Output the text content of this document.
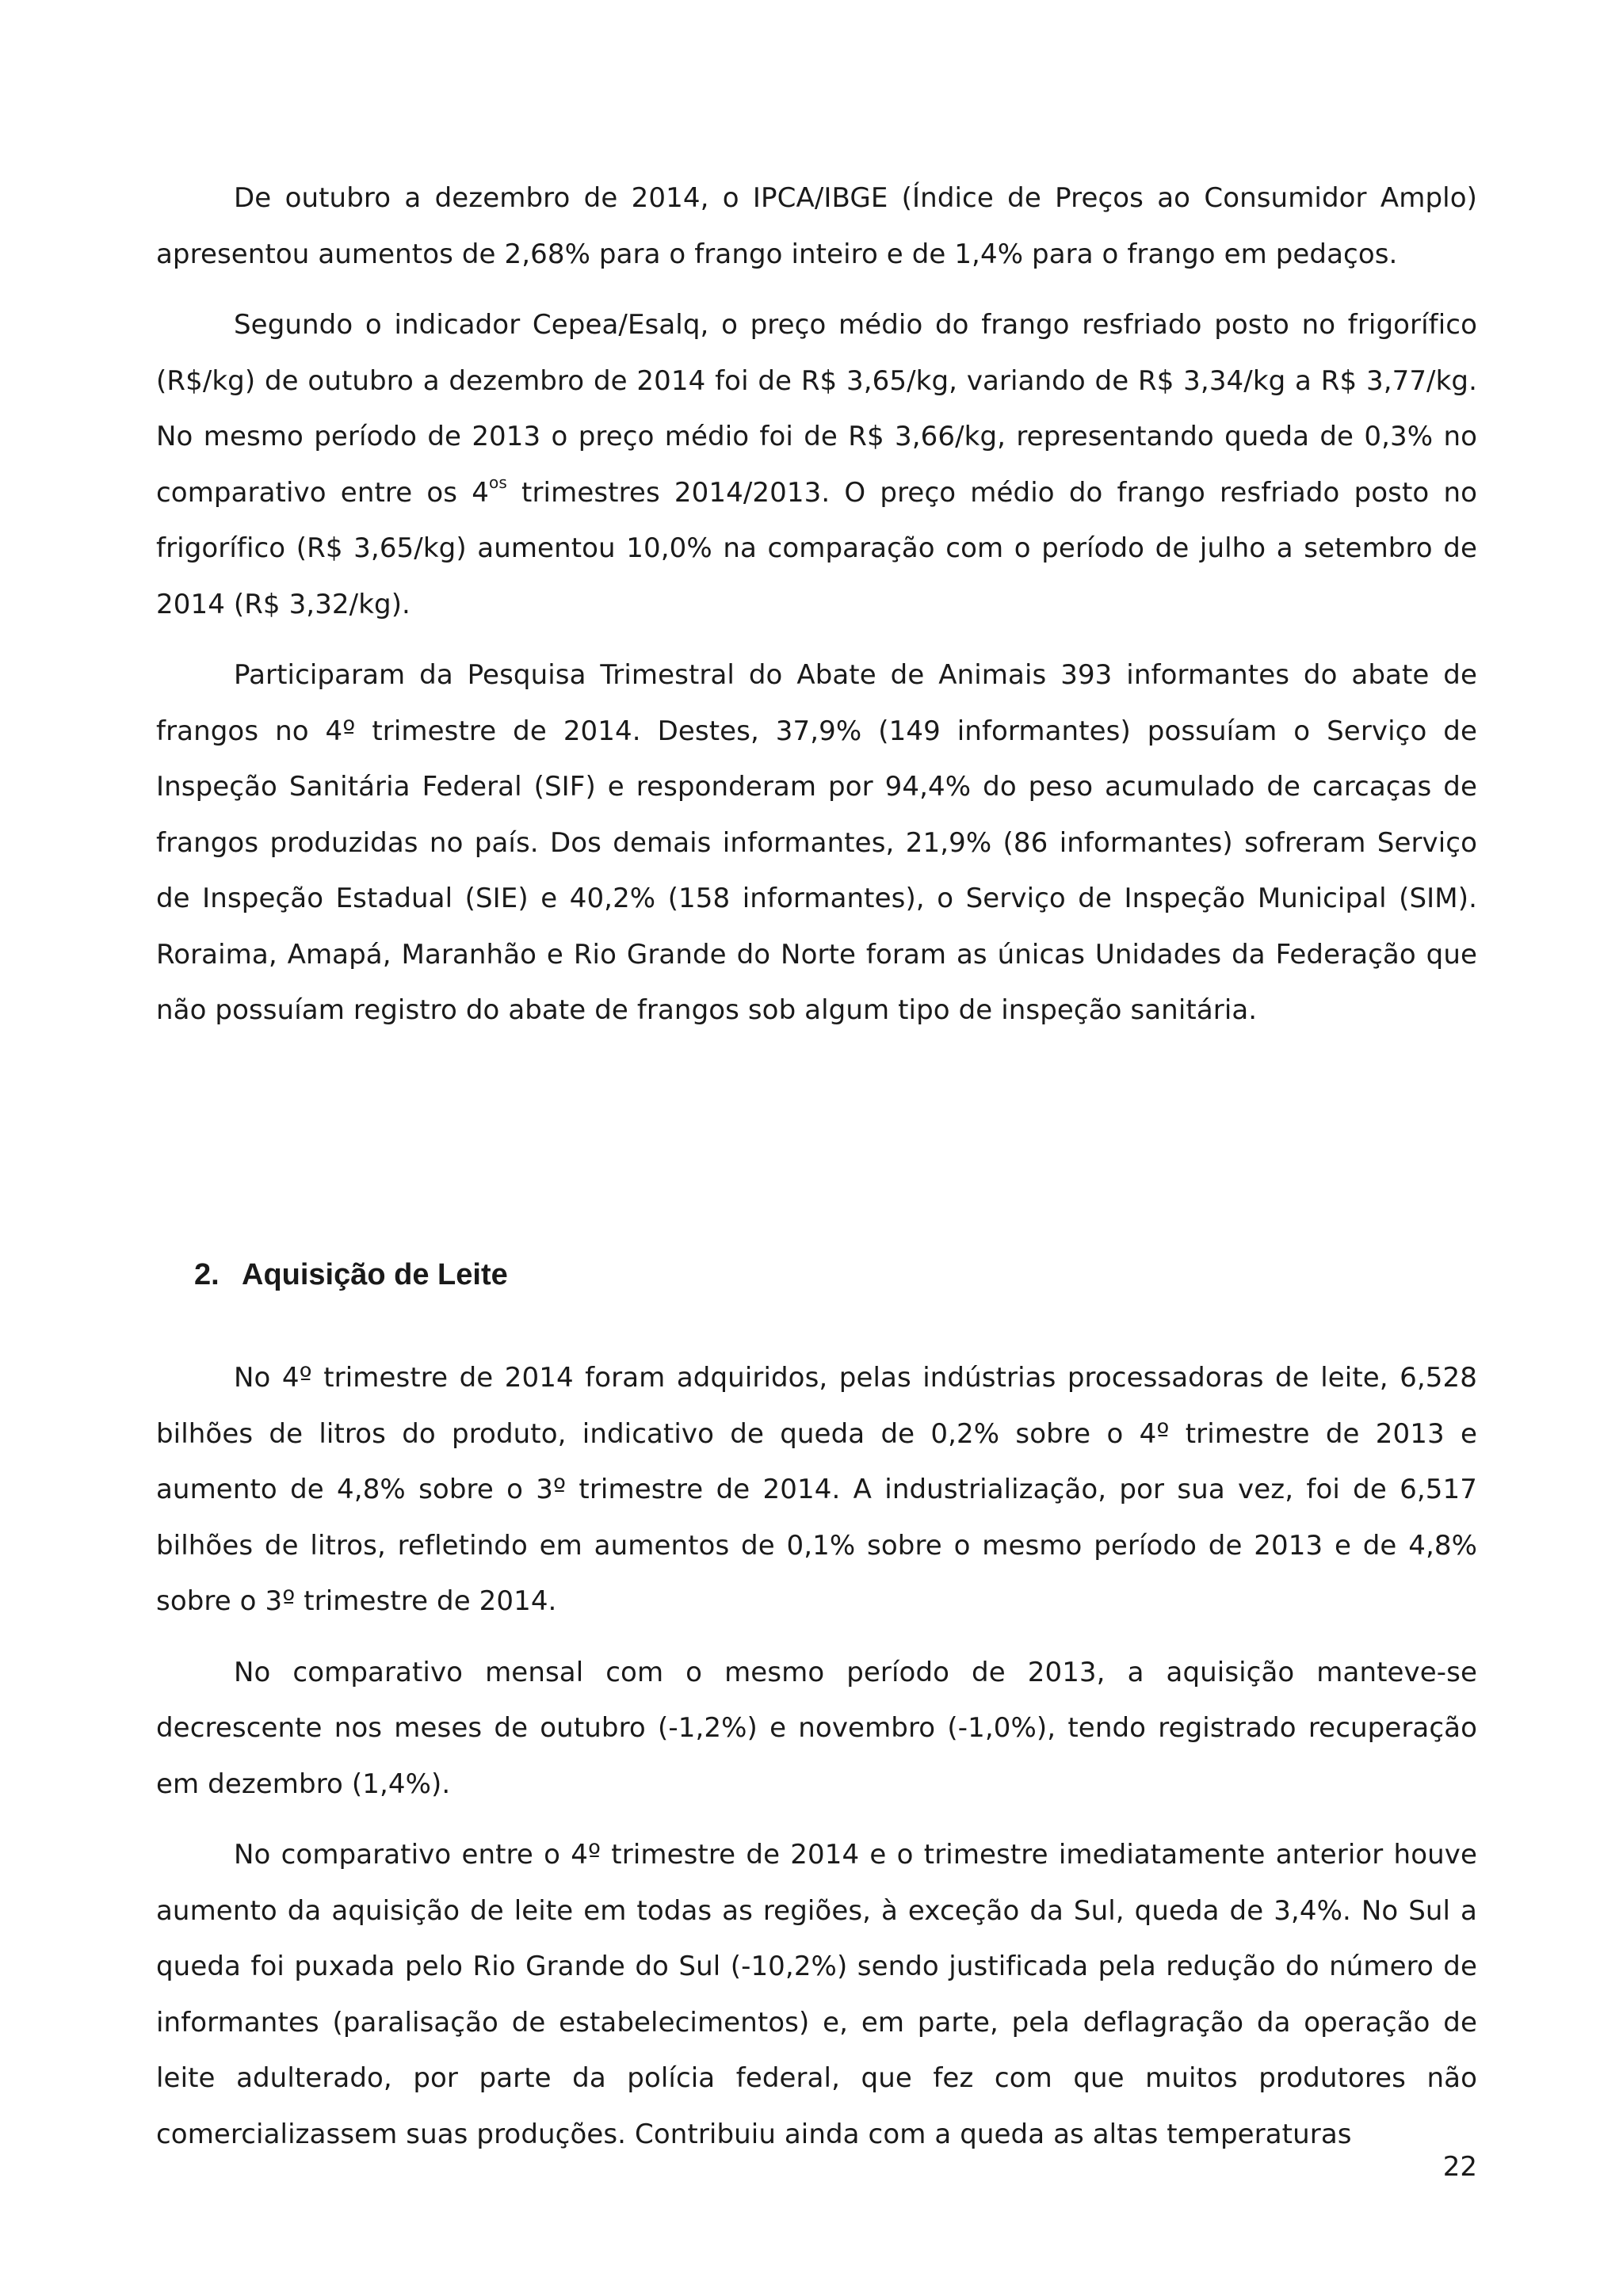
De outubro a dezembro de 2014, o IPCA/IBGE (Índice de Preços ao Consumidor Amplo) apresentou aumentos de 2,68% para o frango inteiro e de 1,4% para o frango em pedaços.

Segundo o indicador Cepea/Esalq, o preço médio do frango resfriado posto no frigorífico (R$/kg) de outubro a dezembro de 2014 foi de R$ 3,65/kg, variando de R$ 3,34/kg a R$ 3,77/kg. No mesmo período de 2013 o preço médio foi de R$ 3,66/kg, representando queda de 0,3% no comparativo entre os $4^{os}$ trimestres 2014/2013. O preço médio do frango resfriado posto no frigorífico (R$ 3,65/kg) aumentou 10,0% na comparação com o período de julho a setembro de 2014 (R$ 3,32/kg).

Participaram da Pesquisa Trimestral do Abate de Animais 393 informantes do abate de frangos no 4º trimestre de 2014. Destes, 37,9% (149 informantes) possuíam o Serviço de Inspeção Sanitária Federal (SIF) e responderam por 94,4% do peso acumulado de carcaças de frangos produzidas no país. Dos demais informantes, 21,9% (86 informantes) sofreram Serviço de Inspeção Estadual (SIE) e 40,2% (158 informantes), o Serviço de Inspeção Municipal (SIM). Roraima, Amapá, Maranhão e Rio Grande do Norte foram as únicas Unidades da Federação que não possuíam registro do abate de frangos sob algum tipo de inspeção sanitária.

2. Aquisição de Leite

No 4º trimestre de 2014 foram adquiridos, pelas indústrias processadoras de leite, 6,528 bilhões de litros do produto, indicativo de queda de 0,2% sobre o 4º trimestre de 2013 e aumento de 4,8% sobre o 3º trimestre de 2014. A industrialização, por sua vez, foi de 6,517 bilhões de litros, refletindo em aumentos de 0,1% sobre o mesmo período de 2013 e de 4,8% sobre o 3º trimestre de 2014.

No comparativo mensal com o mesmo período de 2013, a aquisição manteve-se decrescente nos meses de outubro (-1,2%) e novembro (-1,0%), tendo registrado recuperação em dezembro (1,4%).

No comparativo entre o 4º trimestre de 2014 e o trimestre imediatamente anterior houve aumento da aquisição de leite em todas as regiões, à exceção da Sul, queda de 3,4%. No Sul a queda foi puxada pelo Rio Grande do Sul (-10,2%) sendo justificada pela redução do número de informantes (paralisação de estabelecimentos) e, em parte, pela deflagração da operação de leite adulterado, por parte da polícia federal, que fez com que muitos produtores não comercializassem suas produções. Contribuiu ainda com a queda as altas temperaturas

22
